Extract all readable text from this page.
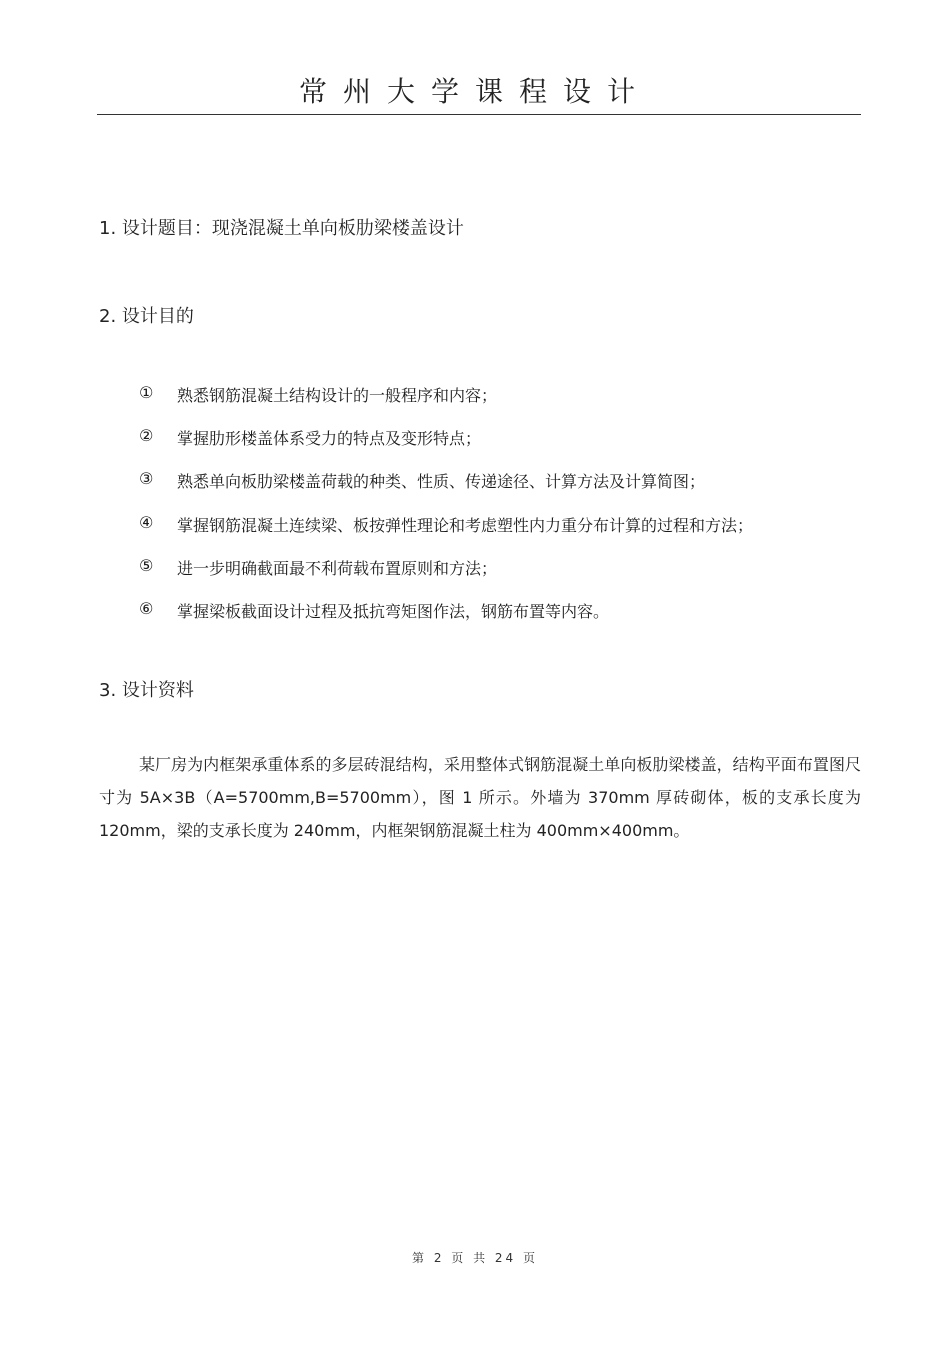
常州大学课程设计
1. 设计题目：现浇混凝土单向板肋梁楼盖设计
2. 设计目的
①	熟悉钢筋混凝土结构设计的一般程序和内容；
②	掌握肋形楼盖体系受力的特点及变形特点；
③	熟悉单向板肋梁楼盖荷载的种类、性质、传递途径、计算方法及计算简图；
④	掌握钢筋混凝土连续梁、板按弹性理论和考虑塑性内力重分布计算的过程和方法；
⑤	进一步明确截面最不利荷载布置原则和方法；
⑥	掌握梁板截面设计过程及抵抗弯矩图作法，钢筋布置等内容。
3. 设计资料
某厂房为内框架承重体系的多层砖混结构，采用整体式钢筋混凝土单向板肋梁楼盖，结构平面布置图尺寸为 5A×3B（A=5700mm,B=5700mm），图 1 所示。外墙为 370mm 厚砖砌体，板的支承长度为 120mm，梁的支承长度为 240mm，内框架钢筋混凝土柱为 400mm×400mm。
第 2 页 共 24 页
